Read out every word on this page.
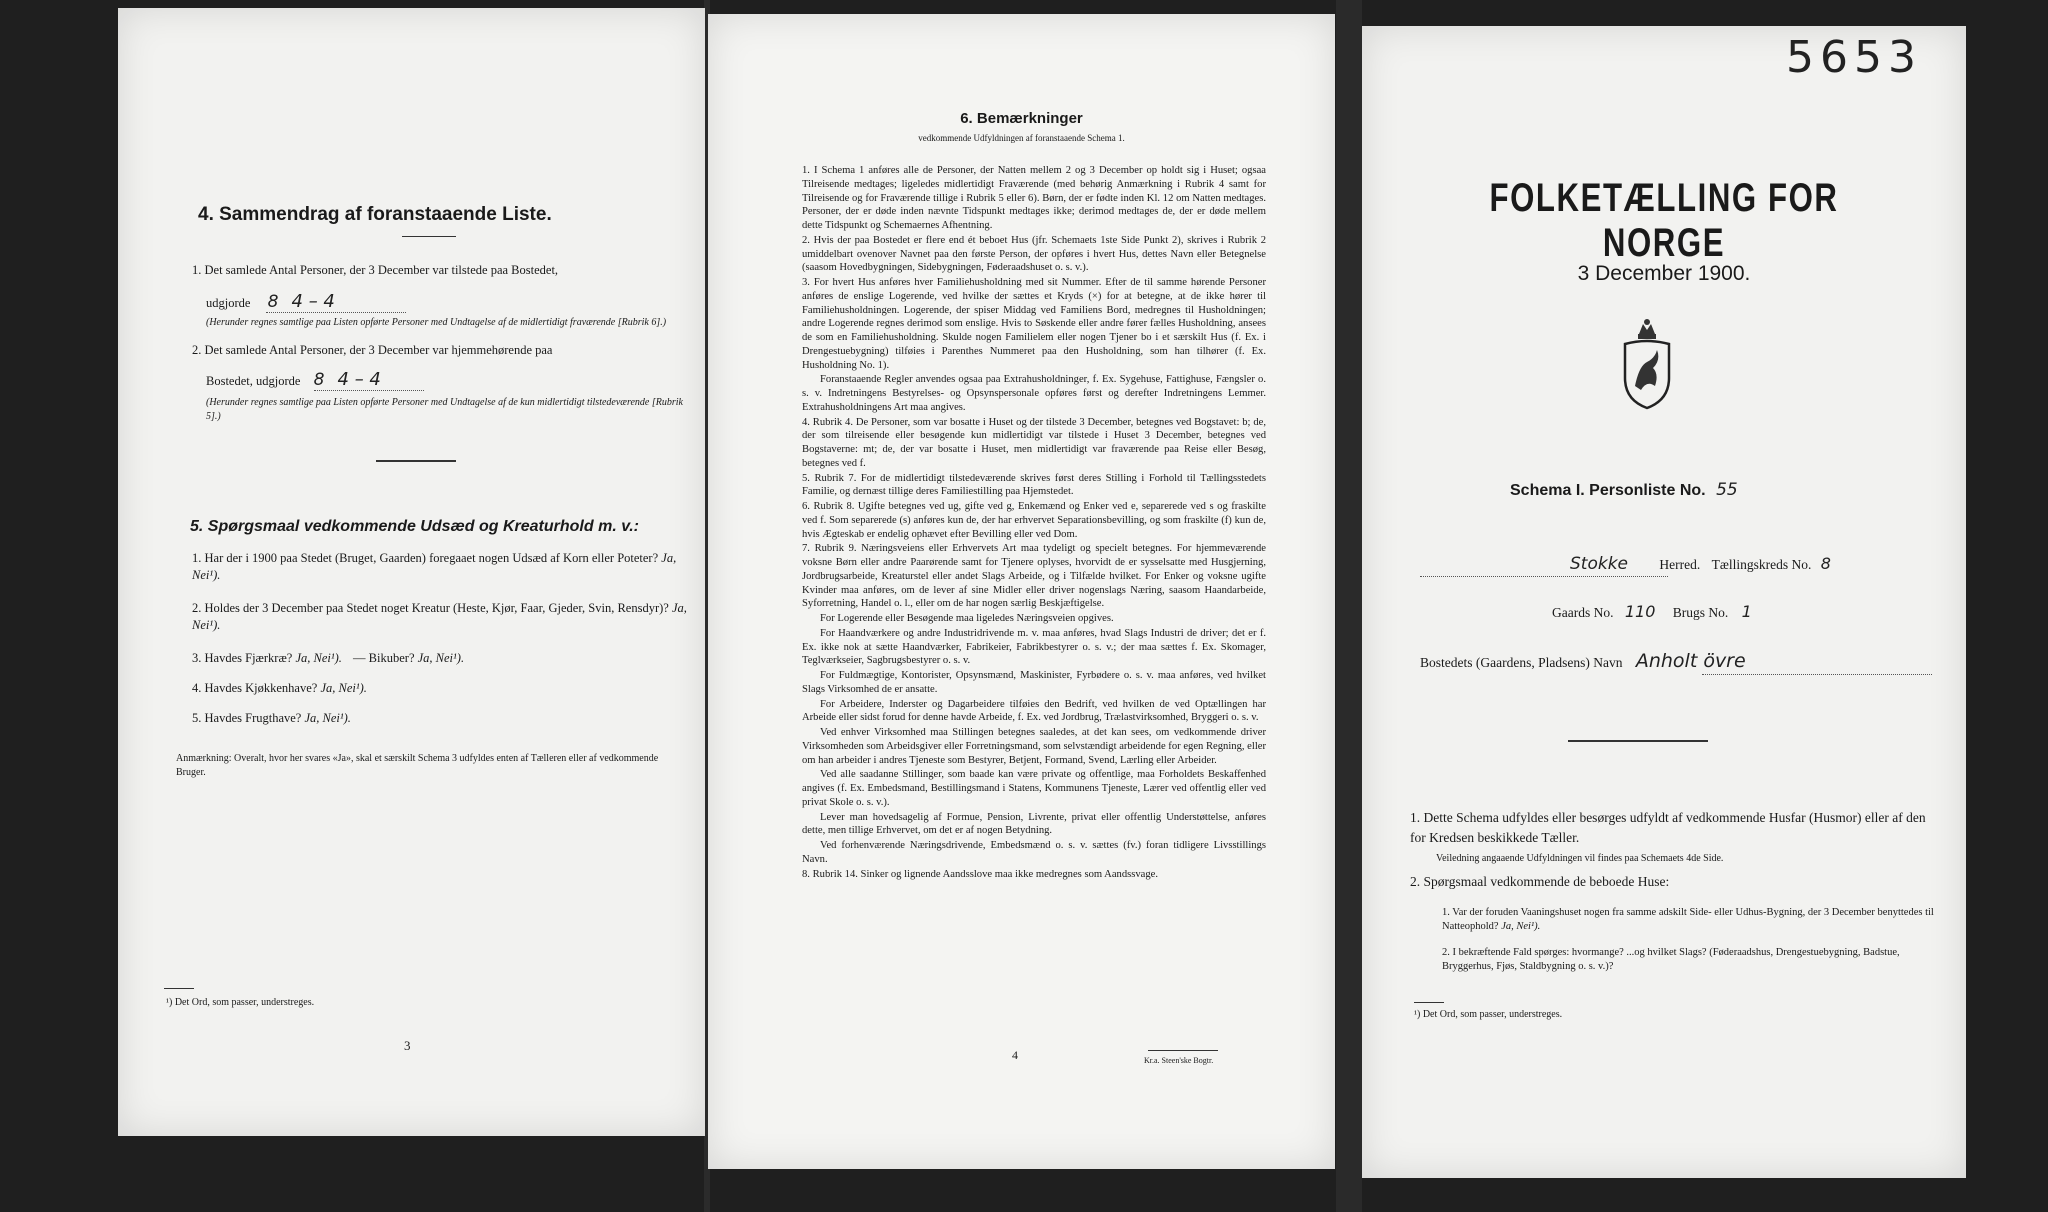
4. Sammendrag af foranstaaende Liste.
1. Det samlede Antal Personer, der 3 December var tilstede paa Bostedet,
udgjorde 8 4 – 4
(Herunder regnes samtlige paa Listen opførte Personer med Undtagelse af de midlertidigt fraværende [Rubrik 6].)
2. Det samlede Antal Personer, der 3 December var hjemmehørende paa
Bostedet, udgjorde 8 4 – 4
(Herunder regnes samtlige paa Listen opførte Personer med Undtagelse af de kun midlertidigt tilstedeværende [Rubrik 5].)
5. Spørgsmaal vedkommende Udsæd og Kreaturhold m. v.:
1. Har der i 1900 paa Stedet (Bruget, Gaarden) foregaaet nogen Udsæd af Korn eller Poteter? Ja, Nei¹).
2. Holdes der 3 December paa Stedet noget Kreatur (Heste, Kjør, Faar, Gjeder, Svin, Rensdyr)? Ja, Nei¹).
3. Havdes Fjærkræ? Ja, Nei¹). — Bikuber? Ja, Nei¹).
4. Havdes Kjøkkenhave? Ja, Nei¹).
5. Havdes Frugthave? Ja, Nei¹).
Anmærkning: Overalt, hvor her svares «Ja», skal et særskilt Schema 3 udfyldes enten af Tælleren eller af vedkommende Bruger.
¹) Det Ord, som passer, understreges.
3
6. Bemærkninger
vedkommende Udfyldningen af foranstaaende Schema 1.
1. I Schema 1 anføres alle de Personer, der Natten mellem 2 og 3 December op holdt sig i Huset; ogsaa Tilreisende medtages; ligeledes midlertidigt Fraværende (med behørig Anmærkning i Rubrik 4 samt for Tilreisende og for Fraværende tillige i Rubrik 5 eller 6). Børn, der er fødte inden Kl. 12 om Natten medtages. Personer, der er døde inden nævnte Tidspunkt medtages ikke; derimod medtages de, der er døde mellem dette Tidspunkt og Schemaernes Afhentning.
2. Hvis der paa Bostedet er flere end ét beboet Hus (jfr. Schemaets 1ste Side Punkt 2), skrives i Rubrik 2 umiddelbart ovenover Navnet paa den første Person, der opføres i hvert Hus, dettes Navn eller Betegnelse (saasom Hovedbygningen, Sidebygningen, Føderaadshuset o. s. v.).
3. For hvert Hus anføres hver Familiehusholdning med sit Nummer. Efter de til samme hørende Personer anføres de enslige Logerende, ved hvilke der sættes et Kryds (×) for at betegne, at de ikke hører til Familiehusholdningen. Logerende, der spiser Middag ved Familiens Bord, medregnes til Husholdningen; andre Logerende regnes derimod som enslige. Hvis to Søskende eller andre fører fælles Husholdning, ansees de som en Familiehusholdning. Skulde nogen Familielem eller nogen Tjener bo i et særskilt Hus (f. Ex. i Drengestuebygning) tilføies i Parenthes Nummeret paa den Husholdning, som han tilhører (f. Ex. Husholdning No. 1).
Foranstaaende Regler anvendes ogsaa paa Extrahusholdninger, f. Ex. Sygehuse, Fattighuse, Fængsler o. s. v. Indretningens Bestyrelses- og Opsynspersonale opføres først og derefter Indretningens Lemmer. Extrahusholdningens Art maa angives.
4. Rubrik 4. De Personer, som var bosatte i Huset og der tilstede 3 December, betegnes ved Bogstavet: b; de, der som tilreisende eller besøgende kun midlertidigt var tilstede i Huset 3 December, betegnes ved Bogstaverne: mt; de, der var bosatte i Huset, men midlertidigt var fraværende paa Reise eller Besøg, betegnes ved f.
5. Rubrik 7. For de midlertidigt tilstedeværende skrives først deres Stilling i Forhold til Tællingsstedets Familie, og dernæst tillige deres Familiestilling paa Hjemstedet.
6. Rubrik 8. Ugifte betegnes ved ug, gifte ved g, Enkemænd og Enker ved e, separerede ved s og fraskilte ved f. Som separerede (s) anføres kun de, der har erhvervet Separationsbevilling, og som fraskilte (f) kun de, hvis Ægteskab er endelig ophævet efter Bevilling eller ved Dom.
7. Rubrik 9. Næringsveiens eller Erhvervets Art maa tydeligt og specielt betegnes. For hjemmeværende voksne Børn eller andre Paarørende samt for Tjenere oplyses, hvorvidt de er sysselsatte med Husgjerning, Jordbrugsarbeide, Kreaturstel eller andet Slags Arbeide, og i Tilfælde hvilket. For Enker og voksne ugifte Kvinder maa anføres, om de lever af sine Midler eller driver nogenslags Næring, saasom Haandarbeide, Syforretning, Handel o. l., eller om de har nogen særlig Beskjæftigelse.
For Logerende eller Besøgende maa ligeledes Næringsveien opgives.
For Haandværkere og andre Industridrivende m. v. maa anføres, hvad Slags Industri de driver; det er f. Ex. ikke nok at sætte Haandværker, Fabrikeier, Fabrikbestyrer o. s. v.; der maa sættes f. Ex. Skomager, Teglværkseier, Sagbrugsbestyrer o. s. v.
For Fuldmægtige, Kontorister, Opsynsmænd, Maskinister, Fyrbødere o. s. v. maa anføres, ved hvilket Slags Virksomhed de er ansatte.
For Arbeidere, Inderster og Dagarbeidere tilføies den Bedrift, ved hvilken de ved Optællingen har Arbeide eller sidst forud for denne havde Arbeide, f. Ex. ved Jordbrug, Trælastvirksomhed, Bryggeri o. s. v.
Ved enhver Virksomhed maa Stillingen betegnes saaledes, at det kan sees, om vedkommende driver Virksomheden som Arbeidsgiver eller Forretningsmand, som selvstændigt arbeidende for egen Regning, eller om han arbeider i andres Tjeneste som Bestyrer, Betjent, Formand, Svend, Lærling eller Arbeider.
Ved alle saadanne Stillinger, som baade kan være private og offentlige, maa Forholdets Beskaffenhed angives (f. Ex. Embedsmand, Bestillingsmand i Statens, Kommunens Tjeneste, Lærer ved offentlig eller ved privat Skole o. s. v.).
Lever man hovedsagelig af Formue, Pension, Livrente, privat eller offentlig Understøttelse, anføres dette, men tillige Erhvervet, om det er af nogen Betydning.
Ved forhenværende Næringsdrivende, Embedsmænd o. s. v. sættes (fv.) foran tidligere Livsstillings Navn.
8. Rubrik 14. Sinker og lignende Aandsslove maa ikke medregnes som Aandssvage.
4	Kr.a. Steen'ske Bogtr.
5653
FOLKETÆLLING FOR NORGE
3 December 1900.
Schema I. Personliste No. 55
Stokke Herred. Tællingskreds No. 8
Gaards No. 110 Brugs No. 1
Bostedets (Gaardens, Pladsens) Navn Anholt övre
1. Dette Schema udfyldes eller besørges udfyldt af vedkommende Husfar (Husmor) eller af den for Kredsen beskikkede Tæller.
Veiledning angaaende Udfyldningen vil findes paa Schemaets 4de Side.
2. Spørgsmaal vedkommende de beboede Huse:
1. Var der foruden Vaaningshuset nogen fra samme adskilt Side- eller Udhus-Bygning, der 3 December benyttedes til Natteophold? Ja, Nei¹).
2. I bekræftende Fald spørges: hvormange? ...og hvilket Slags? (Føderaadshus, Drengestuebygning, Badstue, Bryggerhus, Fjøs, Staldbygning o. s. v.)?
¹) Det Ord, som passer, understreges.
